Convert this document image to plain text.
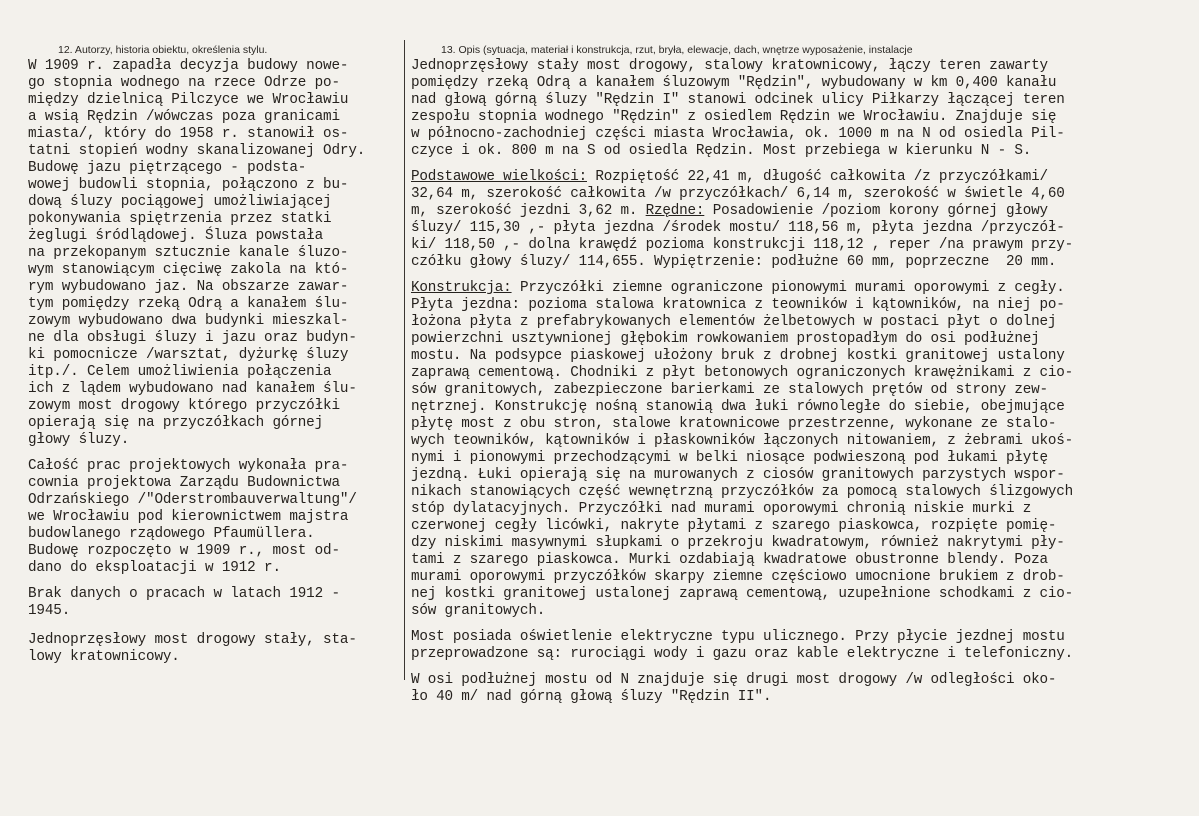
12. Autorzy, historia obiektu, określenia stylu.	13. Opis (sytuacja, materiał i konstrukcja, rzut, bryła, elewacje, dach, wnętrze wyposażenie, instalacje
W 1909 r. zapadła decyzja budowy nowe-
go stopnia wodnego na rzece Odrze po-
między dzielnicą Pilczyce we Wrocławiu
a wsią Rędzin /wówczas poza granicami
miasta/, który do 1958 r. stanowił os-
tatni stopień wodny skanalizowanej Odry.
Budowę jazu piętrzącego - podsta-
wowej budowli stopnia, połączono z bu-
dową śluzy pociągowej umożliwiającej
pokonywania spiętrzenia przez statki
żeglugi śródlądowej. Śluza powstała
na przekopanym sztucznie kanale śluzo-
wym stanowiącym cięciwę zakola na któ-
rym wybudowano jaz. Na obszarze zawar-
tym pomiędzy rzeką Odrą a kanałem ślu-
zowym wybudowano dwa budynki mieszkal-
ne dla obsługi śluzy i jazu oraz budyn-
ki pomocnicze /warsztat, dyżurkę śluzy
itp./. Celem umożliwienia połączenia
ich z lądem wybudowano nad kanałem ślu-
zowym most drogowy którego przyczółki
opierają się na przyczółkach górnej
głowy śluzy.
Całość prac projektowych wykonała pra-
cownia projektowa Zarządu Budownictwa
Odrzańskiego /"Oderstrombauverwaltung"/
we Wrocławiu pod kierownictwem majstra
budowlanego rządowego Pfaumüllera.
Budowę rozpoczęto w 1909 r., most od-
dano do eksploatacji w 1912 r.
Brak danych o pracach w latach 1912 -
1945.
Jednoprzęsłowy most drogowy stały, sta-
lowy kratownicowy.
Jednoprzęsłowy stały most drogowy, stalowy kratownicowy, łączy teren zawarty
pomiędzy rzeką Odrą a kanałem śluzowym "Rędzin", wybudowany w km 0,400 kanału
nad głową górną śluzy "Rędzin I" stanowi odcinek ulicy Piłkarzy łączącej teren
zespołu stopnia wodnego "Rędzin" z osiedlem Rędzin we Wrocławiu. Znajduje się
w północno-zachodniej części miasta Wrocławia, ok. 1000 m na N od osiedla Pil-
czyce i ok. 800 m na S od osiedla Rędzin. Most przebiega w kierunku N - S.
Podstawowe wielkości: Rozpiętość 22,41 m, długość całkowita /z przyczółkami/
32,64 m, szerokość całkowita /w przyczółkach/ 6,14 m, szerokość w świetle 4,60
m, szerokość jezdni 3,62 m. Rzędne: Posadowienie /poziom korony górnej głowy
śluzy/ 115,30 ,- płyta jezdna /środek mostu/ 118,56 m, płyta jezdna /przyczół-
ki/ 118,50 ,- dolna krawędź pozioma konstrukcji 118,12 , reper /na prawym przy-
czółku głowy śluzy/ 114,655. Wypiętrzenie: podłużne 60 mm, poprzeczne  20 mm.
Konstrukcja: Przyczółki ziemne ograniczone pionowymi murami oporowymi z cegły.
Płyta jezdna: pozioma stalowa kratownica z teowników i kątowników, na niej po-
łożona płyta z prefabrykowanych elementów żelbetowych w postaci płyt o dolnej
powierzchni usztywnionej głębokim rowkowaniem prostopadłym do osi podłużnej
mostu. Na podsypce piaskowej ułożony bruk z drobnej kostki granitowej ustalony
zaprawą cementową. Chodniki z płyt betonowych ograniczonych krawężnikami z cio-
sów granitowych, zabezpieczone barierkami ze stalowych prętów od strony zew-
nętrznej. Konstrukcję nośną stanowią dwa łuki równoległe do siebie, obejmujące
płytę most z obu stron, stalowe kratownicowe przestrzenne, wykonane ze stalo-
wych teowników, kątowników i płaskowników łączonych nitowaniem, z żebrami ukoś-
nymi i pionowymi przechodzącymi w belki niosące podwieszoną pod łukami płytę
jezdną. Łuki opierają się na murowanych z ciosów granitowych parzystych wspor-
nikach stanowiących część wewnętrzną przyczółków za pomocą stalowych ślizgowych
stóp dylatacyjnych. Przyczółki nad murami oporowymi chronią niskie murki z
czerwonej cegły licówki, nakryte płytami z szarego piaskowca, rozpięte pomię-
dzy niskimi masywnymi słupkami o przekroju kwadratowym, również nakrytymi pły-
tami z szarego piaskowca. Murki ozdabiają kwadratowe obustronne blendy. Poza
murami oporowymi przyczółków skarpy ziemne częściowo umocnione brukiem z drob-
nej kostki granitowej ustalonej zaprawą cementową, uzupełnione schodkami z cio-
sów granitowych.
Most posiada oświetlenie elektryczne typu ulicznego. Przy płycie jezdnej mostu
przeprowadzone są: rurociągi wody i gazu oraz kable elektryczne i telefoniczny.
W osi podłużnej mostu od N znajduje się drugi most drogowy /w odległości oko-
ło 40 m/ nad górną głową śluzy "Rędzin II".
